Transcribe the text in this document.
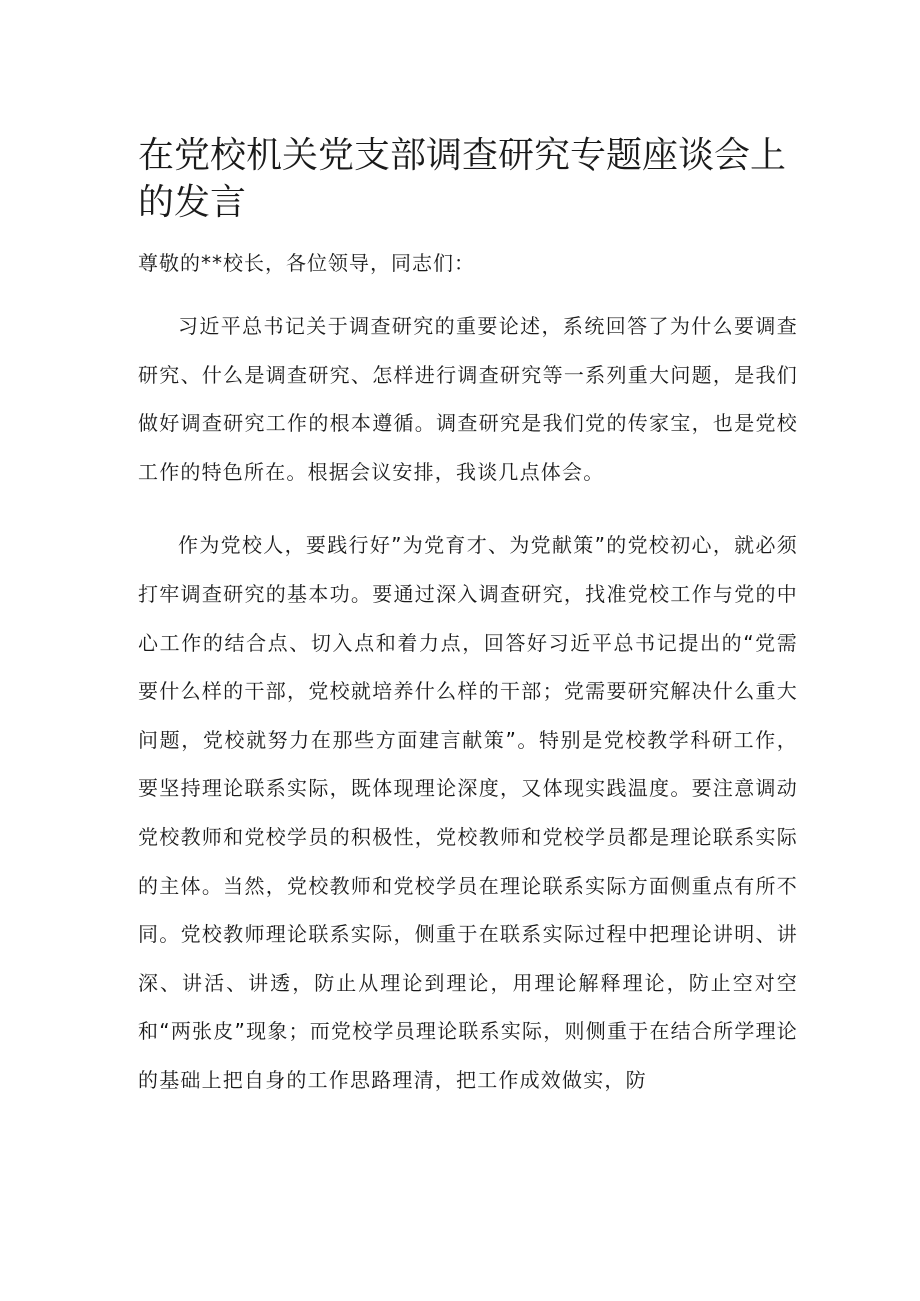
在党校机关党支部调查研究专题座谈会上的发言

尊敬的**校长，各位领导，同志们：

习近平总书记关于调查研究的重要论述，系统回答了为什么要调查研究、什么是调查研究、怎样进行调查研究等一系列重大问题，是我们做好调查研究工作的根本遵循。调查研究是我们党的传家宝，也是党校工作的特色所在。根据会议安排，我谈几点体会。

作为党校人，要践行好”为党育才、为党献策”的党校初心，就必须打牢调查研究的基本功。要通过深入调查研究，找准党校工作与党的中心工作的结合点、切入点和着力点，回答好习近平总书记提出的“党需要什么样的干部，党校就培养什么样的干部；党需要研究解决什么重大问题，党校就努力在那些方面建言献策”。特别是党校教学科研工作，要坚持理论联系实际，既体现理论深度，又体现实践温度。要注意调动党校教师和党校学员的积极性，党校教师和党校学员都是理论联系实际的主体。当然，党校教师和党校学员在理论联系实际方面侧重点有所不同。党校教师理论联系实际，侧重于在联系实际过程中把理论讲明、讲深、讲活、讲透，防止从理论到理论，用理论解释理论，防止空对空和“两张皮”现象；而党校学员理论联系实际，则侧重于在结合所学理论的基础上把自身的工作思路理清，把工作成效做实，防
